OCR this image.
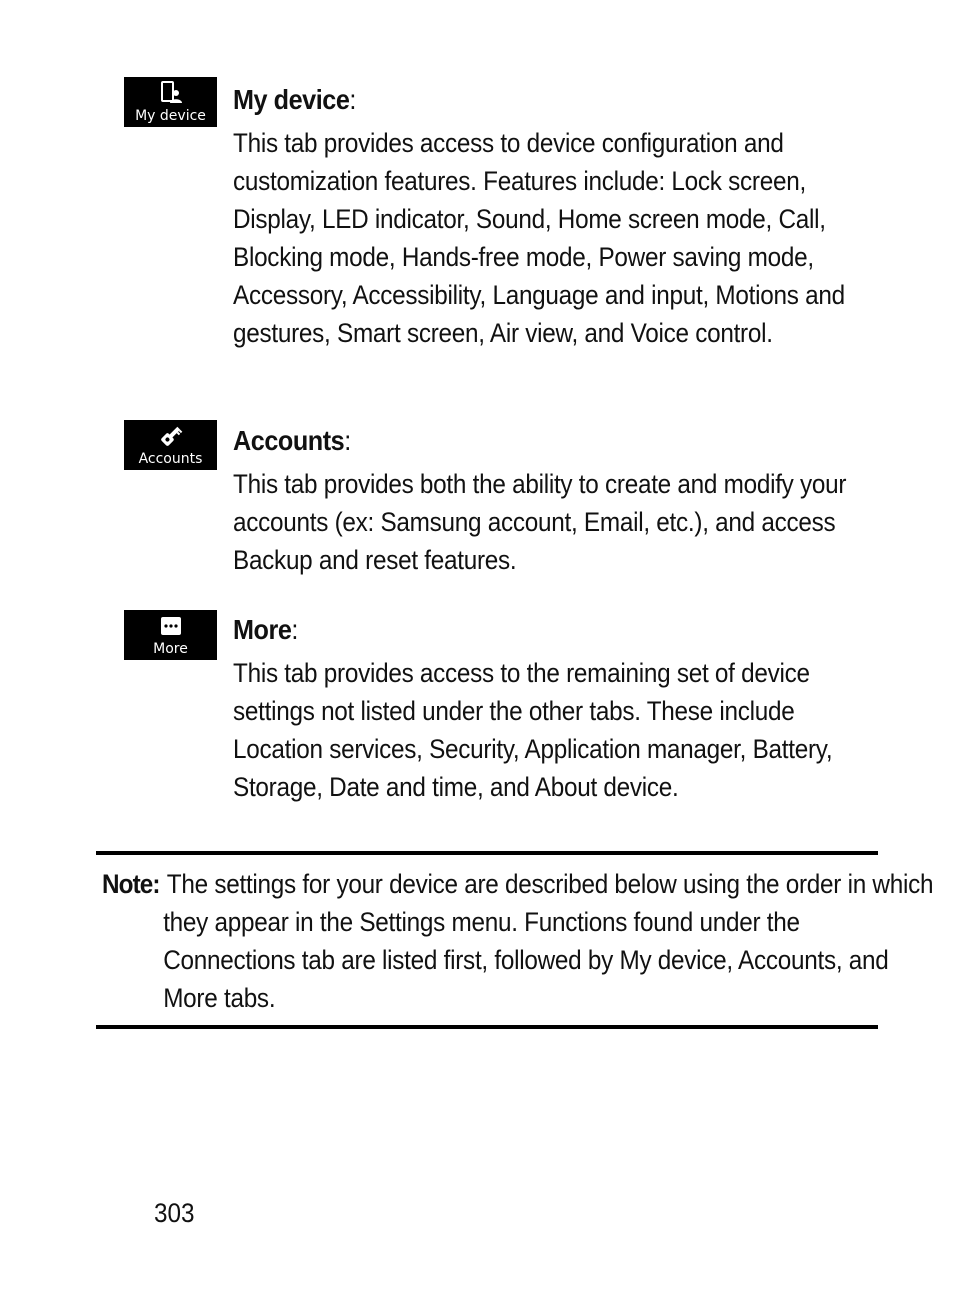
My device

My device:

This tab provides access to device configuration and customization features. Features include: Lock screen, Display, LED indicator, Sound, Home screen mode, Call, Blocking mode, Hands-free mode, Power saving mode, Accessory, Accessibility, Language and input, Motions and gestures, Smart screen, Air view, and Voice control.

Accounts

Accounts:

This tab provides both the ability to create and modify your accounts (ex: Samsung account, Email, etc.), and access Backup and reset features.

More

More:

This tab provides access to the remaining set of device settings not listed under the other tabs. These include Location services, Security, Application manager, Battery, Storage, Date and time, and About device.

Note: The settings for your device are described below using the order in which they appear in the Settings menu. Functions found under the Connections tab are listed first, followed by My device, Accounts, and More tabs.
303
